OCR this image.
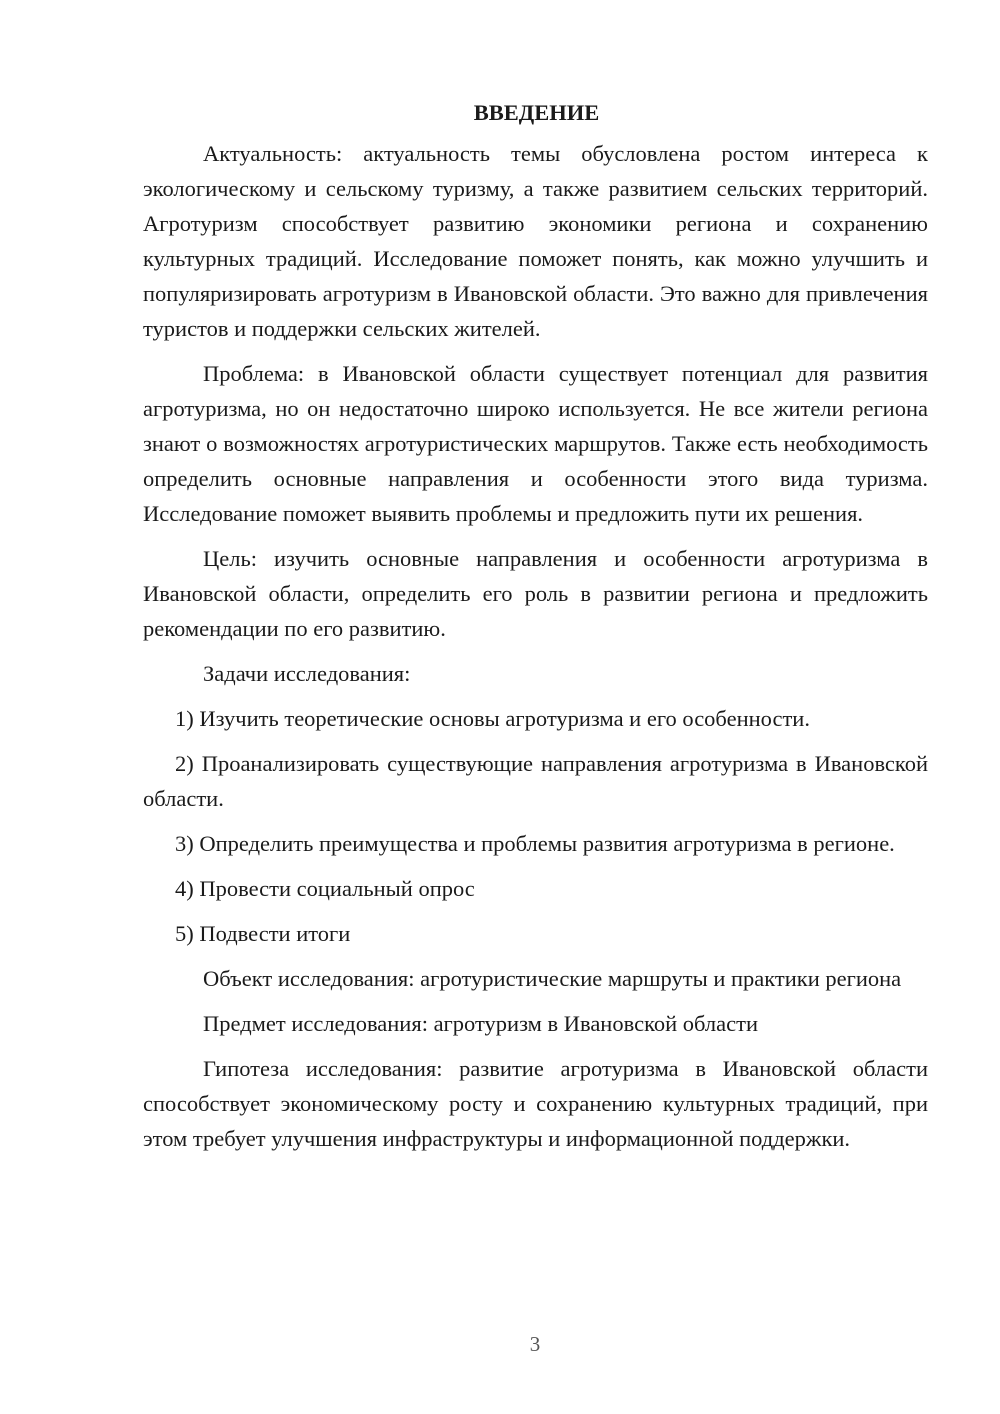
ВВЕДЕНИЕ

Актуальность: актуальность темы обусловлена ростом интереса к экологическому и сельскому туризму, а также развитием сельских территорий. Агротуризм способствует развитию экономики региона и сохранению культурных традиций. Исследование поможет понять, как можно улучшить и популяризировать агротуризм в Ивановской области. Это важно для привлечения туристов и поддержки сельских жителей.

Проблема: в Ивановской области существует потенциал для развития агротуризма, но он недостаточно широко используется. Не все жители региона знают о возможностях агротуристических маршрутов. Также есть необходимость определить основные направления и особенности этого вида туризма. Исследование поможет выявить проблемы и предложить пути их решения.

Цель: изучить основные направления и особенности агротуризма в Ивановской области, определить его роль в развитии региона и предложить рекомендации по его развитию.

Задачи исследования:

1) Изучить теоретические основы агротуризма и его особенности.

2) Проанализировать существующие направления агротуризма в Ивановской области.

3) Определить преимущества и проблемы развития агротуризма в регионе.

4) Провести социальный опрос

5) Подвести итоги

Объект исследования: агротуристические маршруты и практики региона

Предмет исследования: агротуризм в Ивановской области

Гипотеза исследования: развитие агротуризма в Ивановской области способствует экономическому росту и сохранению культурных традиций, при этом требует улучшения инфраструктуры и информационной поддержки.

3
